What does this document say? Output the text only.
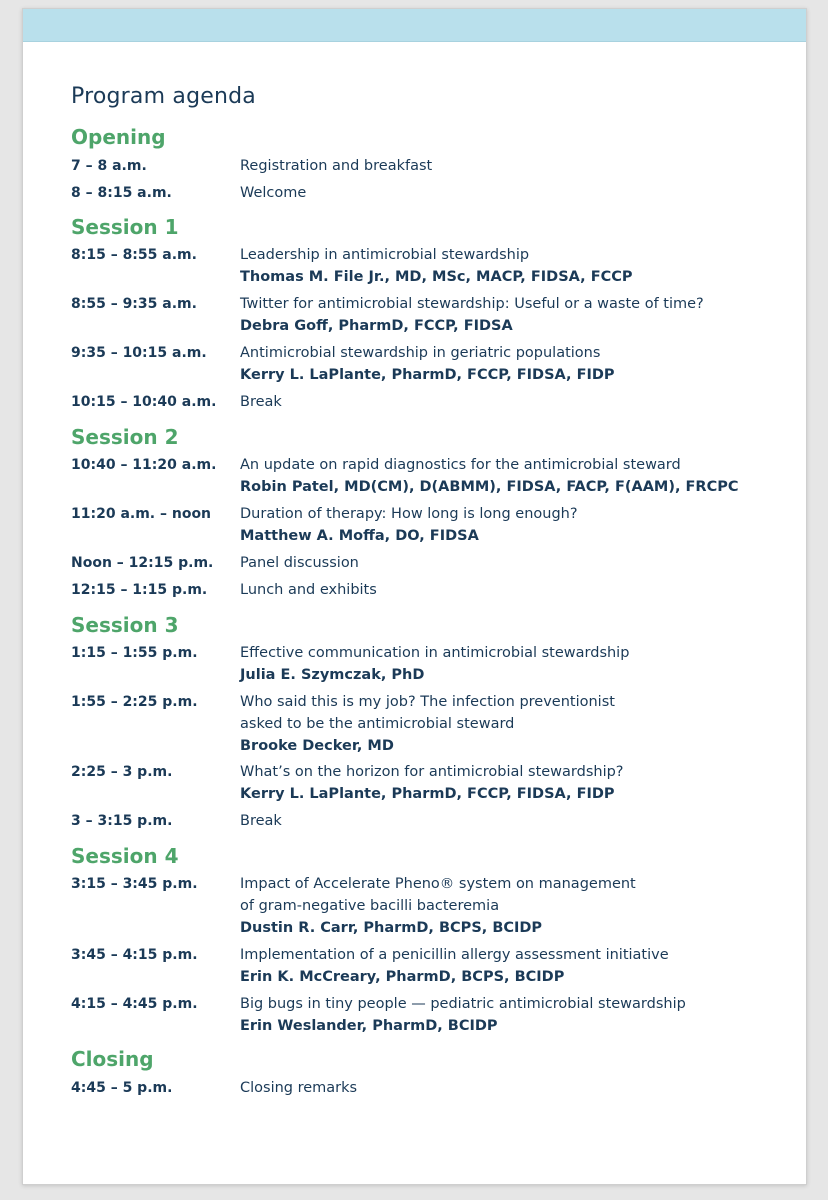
Program agenda
Opening
7 – 8 a.m.	Registration and breakfast
8 – 8:15 a.m.	Welcome
Session 1
8:15 – 8:55 a.m.	Leadership in antimicrobial stewardship
Thomas M. File Jr., MD, MSc, MACP, FIDSA, FCCP
8:55 – 9:35 a.m.	Twitter for antimicrobial stewardship: Useful or a waste of time?
Debra Goff, PharmD, FCCP, FIDSA
9:35 – 10:15 a.m. Antimicrobial stewardship in geriatric populations
Kerry L. LaPlante, PharmD, FCCP, FIDSA, FIDP
10:15 – 10:40 a.m. Break
Session 2
10:40 – 11:20 a.m. An update on rapid diagnostics for the antimicrobial steward
Robin Patel, MD(CM), D(ABMM), FIDSA, FACP, F(AAM), FRCPC
11:20 a.m. – noon Duration of therapy: How long is long enough?
Matthew A. Moffa, DO, FIDSA
Noon – 12:15 p.m. Panel discussion
12:15 – 1:15 p.m. Lunch and exhibits
Session 3
1:15 – 1:55 p.m.	Effective communication in antimicrobial stewardship
Julia E. Szymczak, PhD
1:55 – 2:25 p.m.	Who said this is my job? The infection preventionist
asked to be the antimicrobial steward
Brooke Decker, MD
2:25 – 3 p.m.	What’s on the horizon for antimicrobial stewardship?
Kerry L. LaPlante, PharmD, FCCP, FIDSA, FIDP
3 – 3:15 p.m.	Break
Session 4
3:15 – 3:45 p.m.	Impact of Accelerate Pheno® system on management
of gram-negative bacilli bacteremia
Dustin R. Carr, PharmD, BCPS, BCIDP
3:45 – 4:15 p.m.	Implementation of a penicillin allergy assessment initiative
Erin K. McCreary, PharmD, BCPS, BCIDP
4:15 – 4:45 p.m.	Big bugs in tiny people — pediatric antimicrobial stewardship
Erin Weslander, PharmD, BCIDP
Closing
4:45 – 5 p.m.	Closing remarks
